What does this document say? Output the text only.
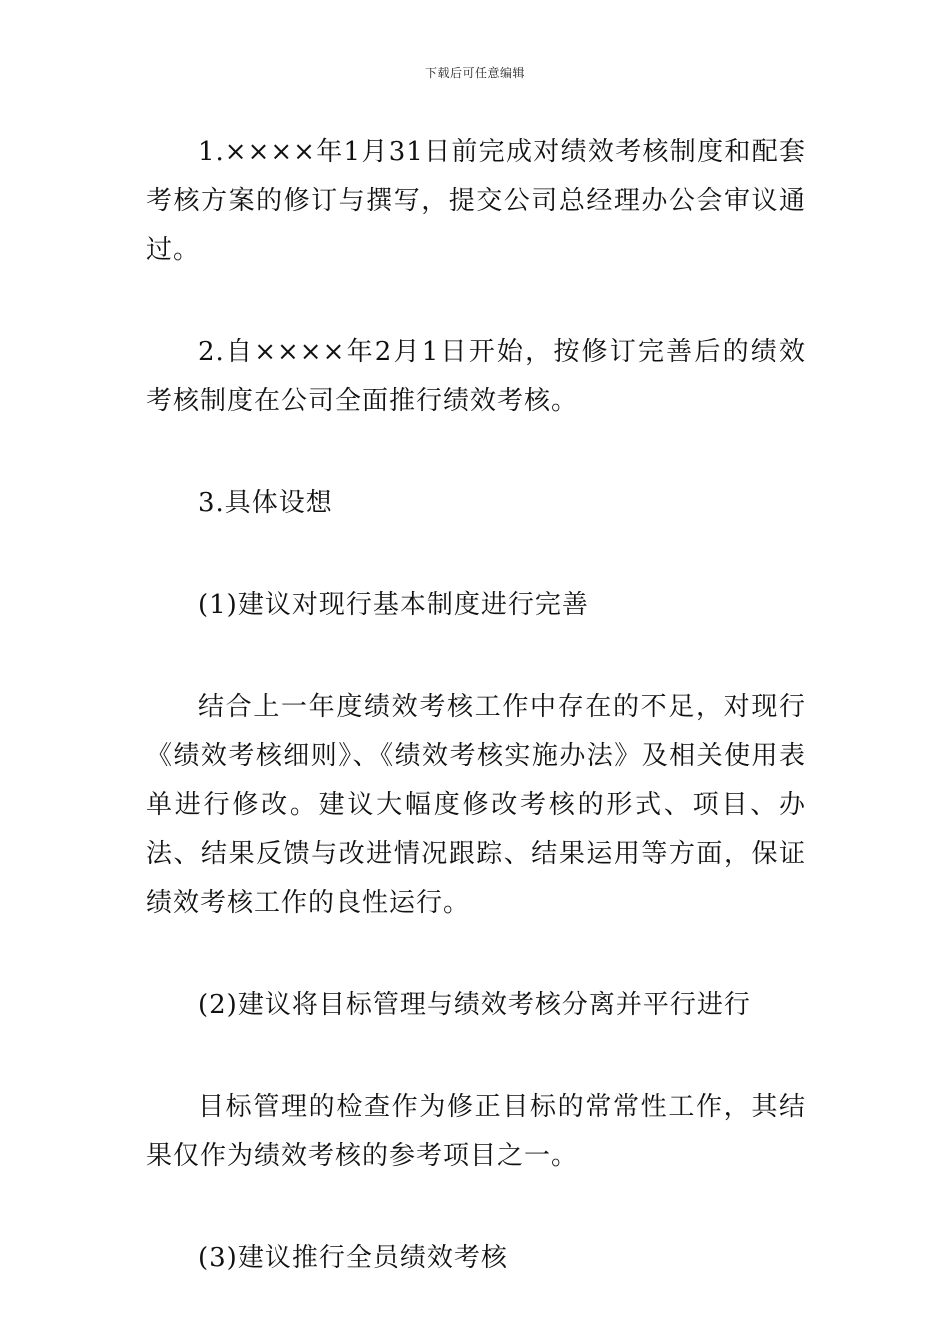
下载后可任意编辑

1.××××年1月31日前完成对绩效考核制度和配套考核方案的修订与撰写，提交公司总经理办公会审议通过。

2.自××××年2月1日开始，按修订完善后的绩效考核制度在公司全面推行绩效考核。

3.具体设想

(1)建议对现行基本制度进行完善

结合上一年度绩效考核工作中存在的不足，对现行《绩效考核细则》、《绩效考核实施办法》及相关使用表单进行修改。建议大幅度修改考核的形式、项目、办法、结果反馈与改进情况跟踪、结果运用等方面，保证绩效考核工作的良性运行。

(2)建议将目标管理与绩效考核分离并平行进行

目标管理的检查作为修正目标的常常性工作，其结果仅作为绩效考核的参考项目之一。

(3)建议推行全员绩效考核
